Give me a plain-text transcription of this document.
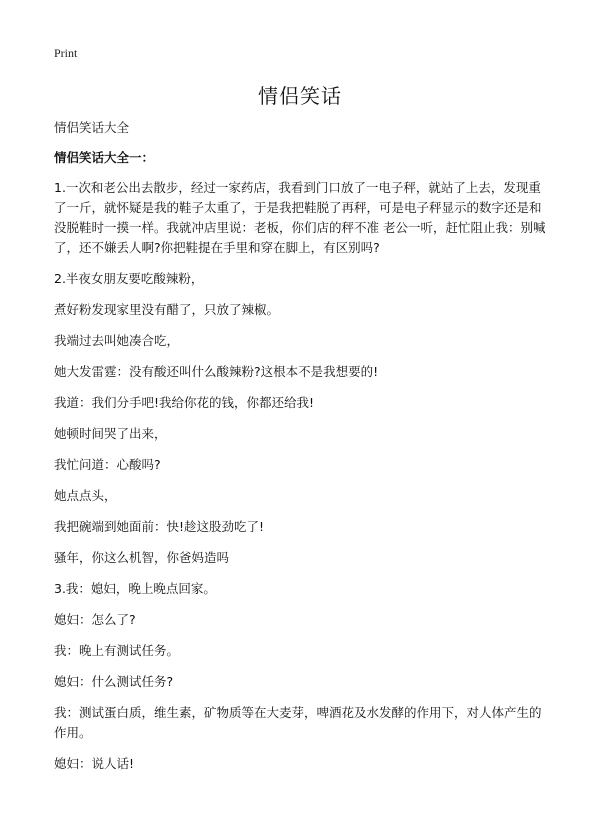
Print
情侣笑话

情侣笑话大全

情侣笑话大全一：

1.一次和老公出去散步，经过一家药店，我看到门口放了一电子秤，就站了上去，发现重了一斤，就怀疑是我的鞋子太重了，于是我把鞋脱了再秤，可是电子秤显示的数字还是和没脱鞋时一摸一样。我就冲店里说：老板，你们店的秤不准 老公一听，赶忙阻止我：别喊了，还不嫌丢人啊?你把鞋提在手里和穿在脚上，有区别吗?

2.半夜女朋友要吃酸辣粉，

煮好粉发现家里没有醋了，只放了辣椒。

我端过去叫她凑合吃，

她大发雷霆：没有酸还叫什么酸辣粉?这根本不是我想要的!

我道：我们分手吧!我给你花的钱，你都还给我!

她顿时间哭了出来，

我忙问道：心酸吗?

她点点头，

我把碗端到她面前：快!趁这股劲吃了!

骚年，你这么机智，你爸妈造吗

3.我：媳妇，晚上晚点回家。

媳妇：怎么了?

我：晚上有测试任务。

媳妇：什么测试任务?

我：测试蛋白质，维生素，矿物质等在大麦芽，啤酒花及水发酵的作用下，对人体产生的作用。

媳妇：说人话!
